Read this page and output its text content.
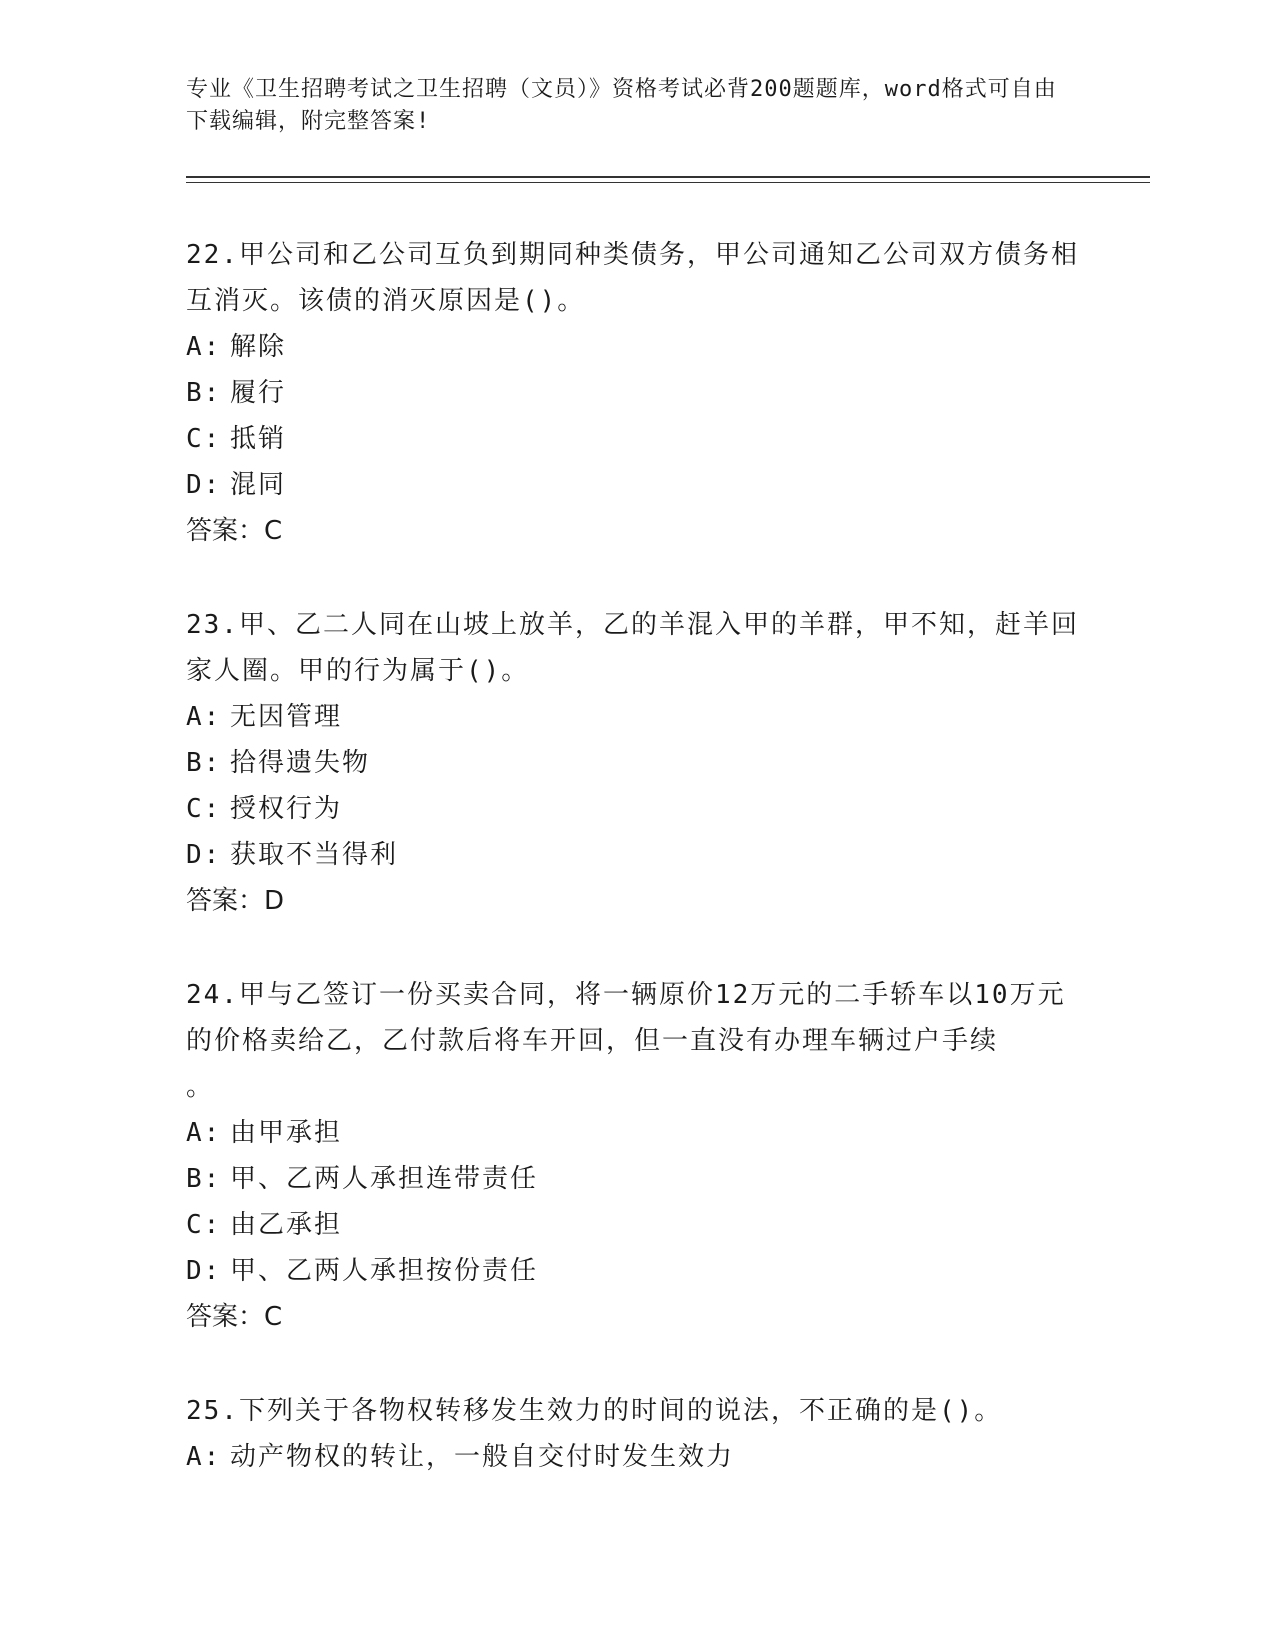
专业《卫生招聘考试之卫生招聘（文员）》资格考试必背200题题库，word格式可自由下载编辑，附完整答案!
22.甲公司和乙公司互负到期同种类债务，甲公司通知乙公司双方债务相互消灭。该债的消灭原因是()。
A: 解除
B: 履行
C: 抵销
D: 混同
答案：C
23.甲、乙二人同在山坡上放羊，乙的羊混入甲的羊群，甲不知，赶羊回家人圈。甲的行为属于()。
A: 无因管理
B: 拾得遗失物
C: 授权行为
D: 获取不当得利
答案：D
24.甲与乙签订一份买卖合同，将一辆原价12万元的二手轿车以10万元的价格卖给乙，乙付款后将车开回，但一直没有办理车辆过户手续
。
A: 由甲承担
B: 甲、乙两人承担连带责任
C: 由乙承担
D: 甲、乙两人承担按份责任
答案：C
25.下列关于各物权转移发生效力的时间的说法，不正确的是()。
A: 动产物权的转让，一般自交付时发生效力
